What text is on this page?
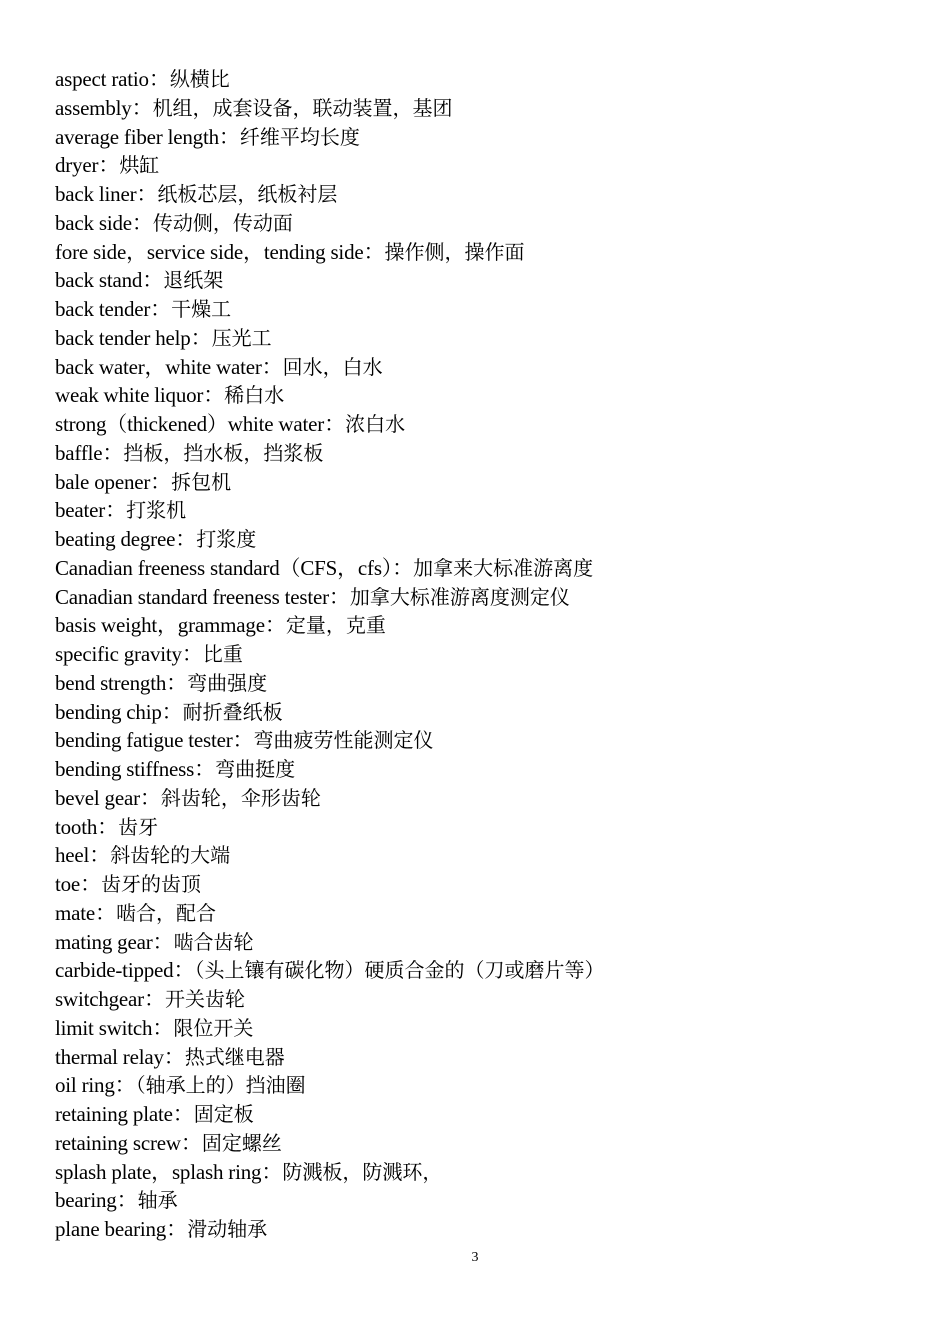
aspect ratio：纵横比
assembly：机组，成套设备，联动装置，基团
average fiber length：纤维平均长度
dryer：烘缸
back liner：纸板芯层，纸板衬层
back side：传动侧，传动面
fore side，service side，tending side：操作侧，操作面
back stand：退纸架
back tender：干燥工
back tender help：压光工
back water，white water：回水，白水
weak white liquor：稀白水
strong（thickened）white water：浓白水
baffle：挡板，挡水板，挡浆板
bale opener：拆包机
beater：打浆机
beating degree：打浆度
Canadian freeness standard（CFS，cfs）：加拿来大标准游离度
Canadian standard freeness tester：加拿大标准游离度测定仪
basis weight，grammage：定量，克重
specific gravity：比重
bend strength：弯曲强度
bending chip：耐折叠纸板
bending fatigue tester：弯曲疲劳性能测定仪
bending stiffness：弯曲挺度
bevel gear：斜齿轮，伞形齿轮
tooth：齿牙
heel：斜齿轮的大端
toe：齿牙的齿顶
mate：啮合，配合
mating gear：啮合齿轮
carbide-tipped：（头上镶有碳化物）硬质合金的（刀或磨片等）
switchgear：开关齿轮
limit switch：限位开关
thermal relay：热式继电器
oil ring：（轴承上的）挡油圈
retaining plate：固定板
retaining screw：固定螺丝
splash plate，splash ring：防溅板，防溅环，
bearing：轴承
plane bearing：滑动轴承
3
